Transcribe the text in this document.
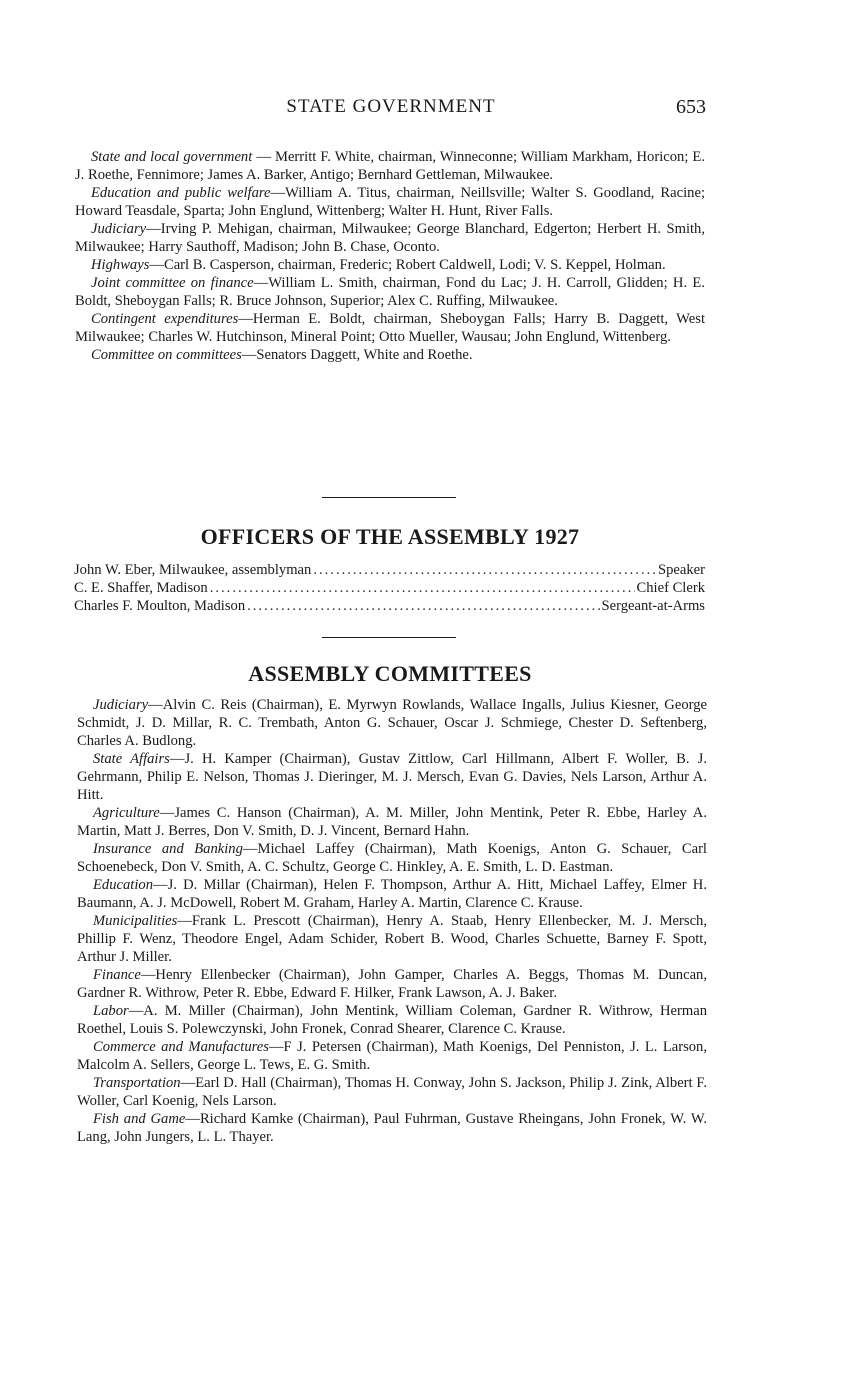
STATE GOVERNMENT	653

State and local government — Merritt F. White, chairman, Winneconne; William Markham, Horicon; E. J. Roethe, Fennimore; James A. Barker, Antigo; Bernhard Gettleman, Milwaukee.

Education and public welfare—William A. Titus, chairman, Neillsville; Walter S. Goodland, Racine; Howard Teasdale, Sparta; John Englund, Wittenberg; Walter H. Hunt, River Falls.

Judiciary—Irving P. Mehigan, chairman, Milwaukee; George Blanchard, Edgerton; Herbert H. Smith, Milwaukee; Harry Sauthoff, Madison; John B. Chase, Oconto.

Highways—Carl B. Casperson, chairman, Frederic; Robert Caldwell, Lodi; V. S. Keppel, Holman.

Joint committee on finance—William L. Smith, chairman, Fond du Lac; J. H. Carroll, Glidden; H. E. Boldt, Sheboygan Falls; R. Bruce Johnson, Superior; Alex C. Ruffing, Milwaukee.

Contingent expenditures—Herman E. Boldt, chairman, Sheboygan Falls; Harry B. Daggett, West Milwaukee; Charles W. Hutchinson, Mineral Point; Otto Mueller, Wausau; John Englund, Wittenberg.

Committee on committees—Senators Daggett, White and Roethe.

OFFICERS OF THE ASSEMBLY 1927
John W. Eber, Milwaukee, assemblyman .....	Speaker
C. E. Shaffer, Madison .....	Chief Clerk
Charles F. Moulton, Madison .....	Sergeant-at-Arms
ASSEMBLY COMMITTEES

Judiciary—Alvin C. Reis (Chairman), E. Myrwyn Rowlands, Wallace Ingalls, Julius Kiesner, George Schmidt, J. D. Millar, R. C. Trembath, Anton G. Schauer, Oscar J. Schmiege, Chester D. Seftenberg, Charles A. Budlong.

State Affairs—J. H. Kamper (Chairman), Gustav Zittlow, Carl Hillmann, Albert F. Woller, B. J. Gehrmann, Philip E. Nelson, Thomas J. Dieringer, M. J. Mersch, Evan G. Davies, Nels Larson, Arthur A. Hitt.

Agriculture—James C. Hanson (Chairman), A. M. Miller, John Mentink, Peter R. Ebbe, Harley A. Martin, Matt J. Berres, Don V. Smith, D. J. Vincent, Bernard Hahn.

Insurance and Banking—Michael Laffey (Chairman), Math Koenigs, Anton G. Schauer, Carl Schoenebeck, Don V. Smith, A. C. Schultz, George C. Hinkley, A. E. Smith, L. D. Eastman.

Education—J. D. Millar (Chairman), Helen F. Thompson, Arthur A. Hitt, Michael Laffey, Elmer H. Baumann, A. J. McDowell, Robert M. Graham, Harley A. Martin, Clarence C. Krause.

Municipalities—Frank L. Prescott (Chairman), Henry A. Staab, Henry Ellenbecker, M. J. Mersch, Phillip F. Wenz, Theodore Engel, Adam Schider, Robert B. Wood, Charles Schuette, Barney F. Spott, Arthur J. Miller.

Finance—Henry Ellenbecker (Chairman), John Gamper, Charles A. Beggs, Thomas M. Duncan, Gardner R. Withrow, Peter R. Ebbe, Edward F. Hilker, Frank Lawson, A. J. Baker.

Labor—A. M. Miller (Chairman), John Mentink, William Coleman, Gardner R. Withrow, Herman Roethel, Louis S. Polewczynski, John Fronek, Conrad Shearer, Clarence C. Krause.

Commerce and Manufactures—F J. Petersen (Chairman), Math Koenigs, Del Penniston, J. L. Larson, Malcolm A. Sellers, George L. Tews, E. G. Smith.

Transportation—Earl D. Hall (Chairman), Thomas H. Conway, John S. Jackson, Philip J. Zink, Albert F. Woller, Carl Koenig, Nels Larson.

Fish and Game—Richard Kamke (Chairman), Paul Fuhrman, Gustave Rheingans, John Fronek, W. W. Lang, John Jungers, L. L. Thayer.
